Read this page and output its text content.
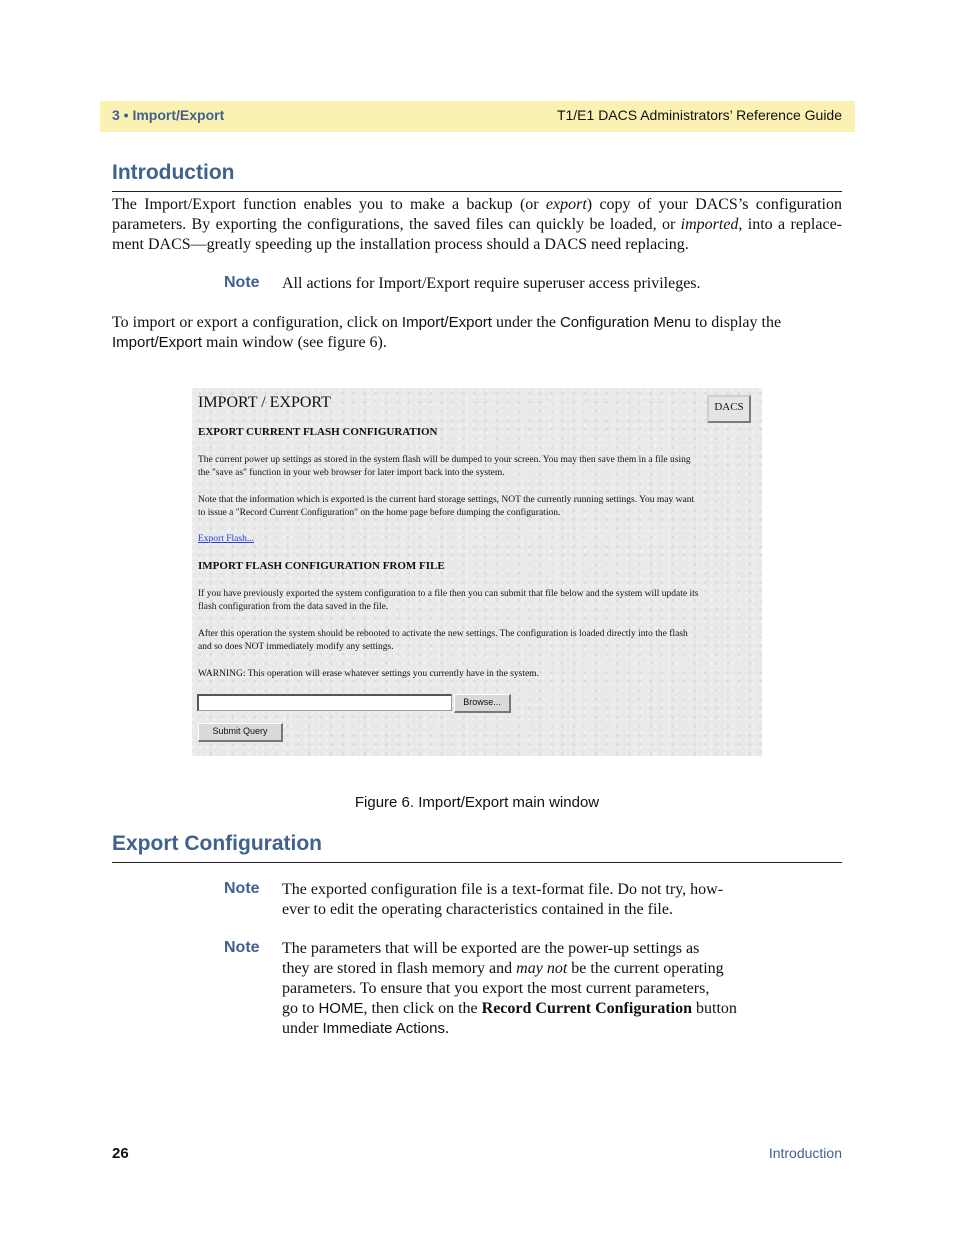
3 • Import/Export	T1/E1 DACS Administrators’ Reference Guide
Introduction

The Import/Export function enables you to make a backup (or export) copy of your DACS’s configuration parameters. By exporting the configurations, the saved files can quickly be loaded, or imported, into a replace-ment DACS—greatly speeding up the installation process should a DACS need replacing.

Note All actions for Import/Export require superuser access privileges.

To import or export a configuration, click on Import/Export under the Configuration Menu to display the
Import/Export main window (see figure 6).

IMPORT / EXPORT	DACS
EXPORT CURRENT FLASH CONFIGURATION
The current power up settings as stored in the system flash will be dumped to your screen. You may then save them in a file using
the "save as" function in your web browser for later import back into the system.
Note that the information which is exported is the current hard storage settings, NOT the currently running settings. You may want
to issue a "Record Current Configuration" on the home page before dumping the configuration.
Export Flash...
IMPORT FLASH CONFIGURATION FROM FILE
If you have previously exported the system configuration to a file then you can submit that file below and the system will update its
flash configuration from the data saved in the file.
After this operation the system should be rebooted to activate the new settings. The configuration is loaded directly into the flash
and so does NOT immediately modify any settings.
WARNING: This operation will erase whatever settings you currently have in the system.
Browse...
Submit Query
Figure 6. Import/Export main window
Export Configuration
Note The exported configuration file is a text-format file. Do not try, how-
ever to edit the operating characteristics contained in the file.

Note The parameters that will be exported are the power-up settings as
they are stored in flash memory and may not be the current operating
parameters. To ensure that you export the most current parameters,
go to HOME, then click on the Record Current Configuration button
under Immediate Actions.

26	Introduction
